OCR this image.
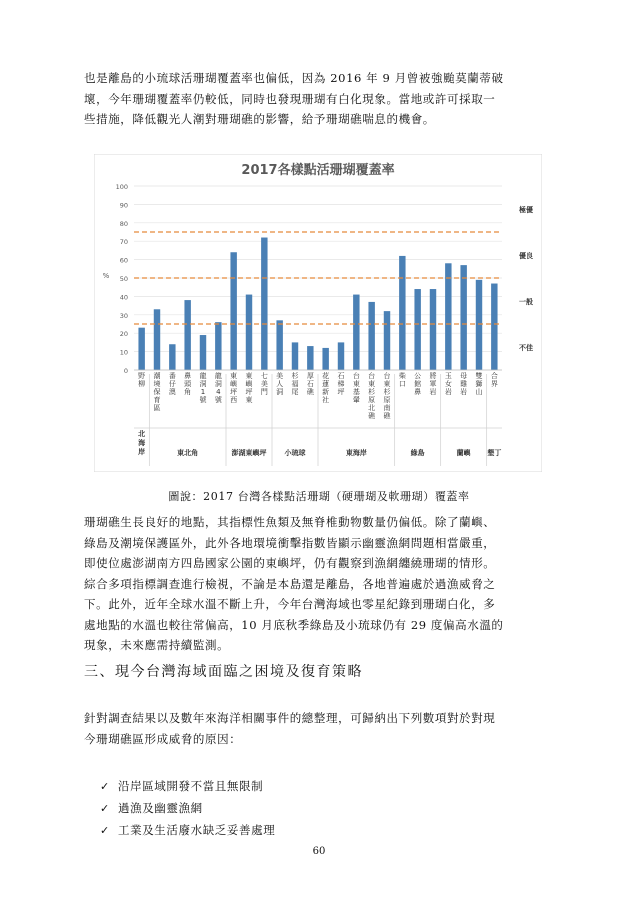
也是離島的小琉球活珊瑚覆蓋率也偏低，因為 2016 年 9 月曾被強颱莫蘭蒂破
壞，今年珊瑚覆蓋率仍較低，同時也發現珊瑚有白化現象。當地或許可採取一
些措施，降低觀光人潮對珊瑚礁的影響，給予珊瑚礁喘息的機會。

2017各樣點活珊瑚覆蓋率
0
10
20
30
40
50
60
70
80
90
100
%
極優
優良
一般
不佳
野柳
潮境保育區
番仔澳
鼻頭角
龍洞 1 號
龍洞 4 號
東嶼坪西
東嶼坪東
七美門
美人洞
杉福尾
厚石礁
花蓮新社
石梯坪
台東基翬
台東杉原北礁
台東杉原南礁
柴口
公館鼻
將軍岩
玉女岩
母雞岩
雙獅山
合界
北海岸	東北角	澎湖東嶼坪	小琉球	東海岸	綠島	蘭嶼 墾丁
圖說：2017 台灣各樣點活珊瑚（硬珊瑚及軟珊瑚）覆蓋率

珊瑚礁生長良好的地點，其指標性魚類及無脊椎動物數量仍偏低。除了蘭嶼、
綠島及潮境保護區外，此外各地環境衝擊指數皆顯示幽靈漁網問題相當嚴重，
即使位處澎湖南方四島國家公園的東嶼坪，仍有觀察到漁網纏繞珊瑚的情形。
綜合多項指標調查進行檢視，不論是本島還是離島，各地普遍處於過漁威脅之
下。此外，近年全球水溫不斷上升，今年台灣海域也零星紀錄到珊瑚白化，多
處地點的水溫也較往常偏高，10 月底秋季綠島及小琉球仍有 29 度偏高水溫的
現象，未來應需持續監測。

三、現今台灣海域面臨之困境及復育策略

針對調查結果以及數年來海洋相關事件的總整理，可歸納出下列數項對於對現
今珊瑚礁區形成威脅的原因：

✓ 沿岸區域開發不當且無限制
✓ 過漁及幽靈漁網
✓ 工業及生活廢水缺乏妥善處理
60
